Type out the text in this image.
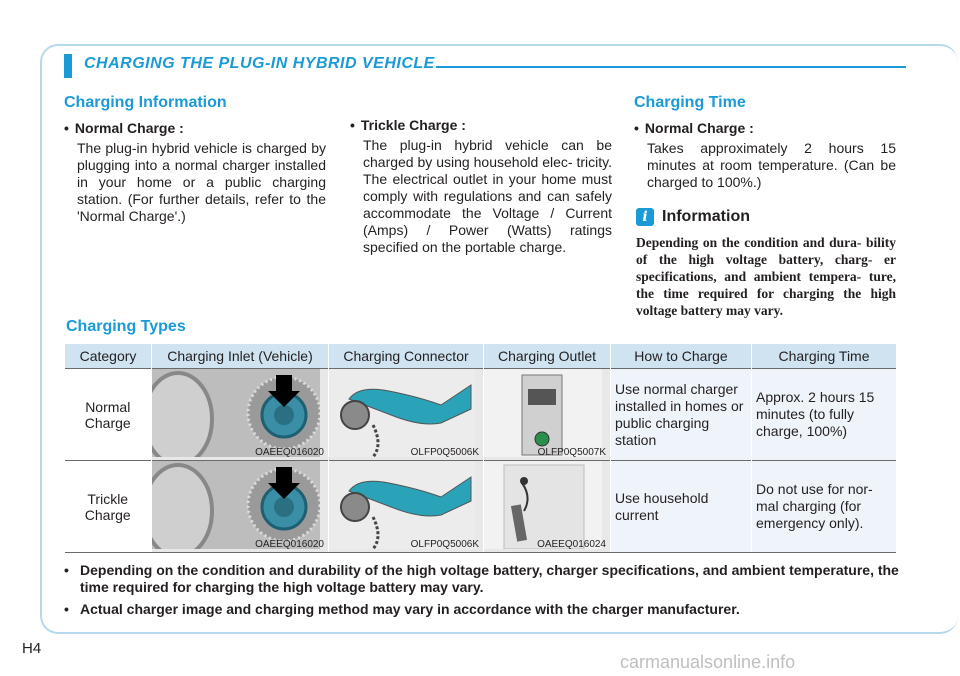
CHARGING THE PLUG-IN HYBRID VEHICLE
Charging Information
• Normal Charge :
The plug-in hybrid vehicle is charged by plugging into a normal charger installed in your home or a public charging station. (For further details, refer to the 'Normal Charge'.)
• Trickle Charge :
The plug-in hybrid vehicle can be charged by using household elec- tricity. The electrical outlet in your home must comply with regulations and can safely accommodate the Voltage / Current (Amps) / Power (Watts) ratings specified on the portable charge.
Charging Time
• Normal Charge :
Takes approximately 2 hours 15 minutes at room temperature. (Can be charged to 100%.)
i Information
Depending on the condition and dura- bility of the high voltage battery, charg- er specifications, and ambient tempera- ture, the time required for charging the high voltage battery may vary.
Charging Types
Category	Charging Inlet (Vehicle)	Charging Connector	Charging Outlet	How to Charge	Charging Time
Normal Charge	OAEEQ016020	OLFP0Q5006K	OLFP0Q5007K	Use normal charger installed in homes or public charging station	Approx. 2 hours 15 minutes (to fully charge, 100%)
Trickle Charge	OAEEQ016020	OLFP0Q5006K	OAEEQ016024	Use household current	Do not use for nor- mal charging (for emergency only).
• Depending on the condition and durability of the high voltage battery, charger specifications, and ambient temperature, the time required for charging the high voltage battery may vary.
• Actual charger image and charging method may vary in accordance with the charger manufacturer.
H4
carmanualsonline.info
